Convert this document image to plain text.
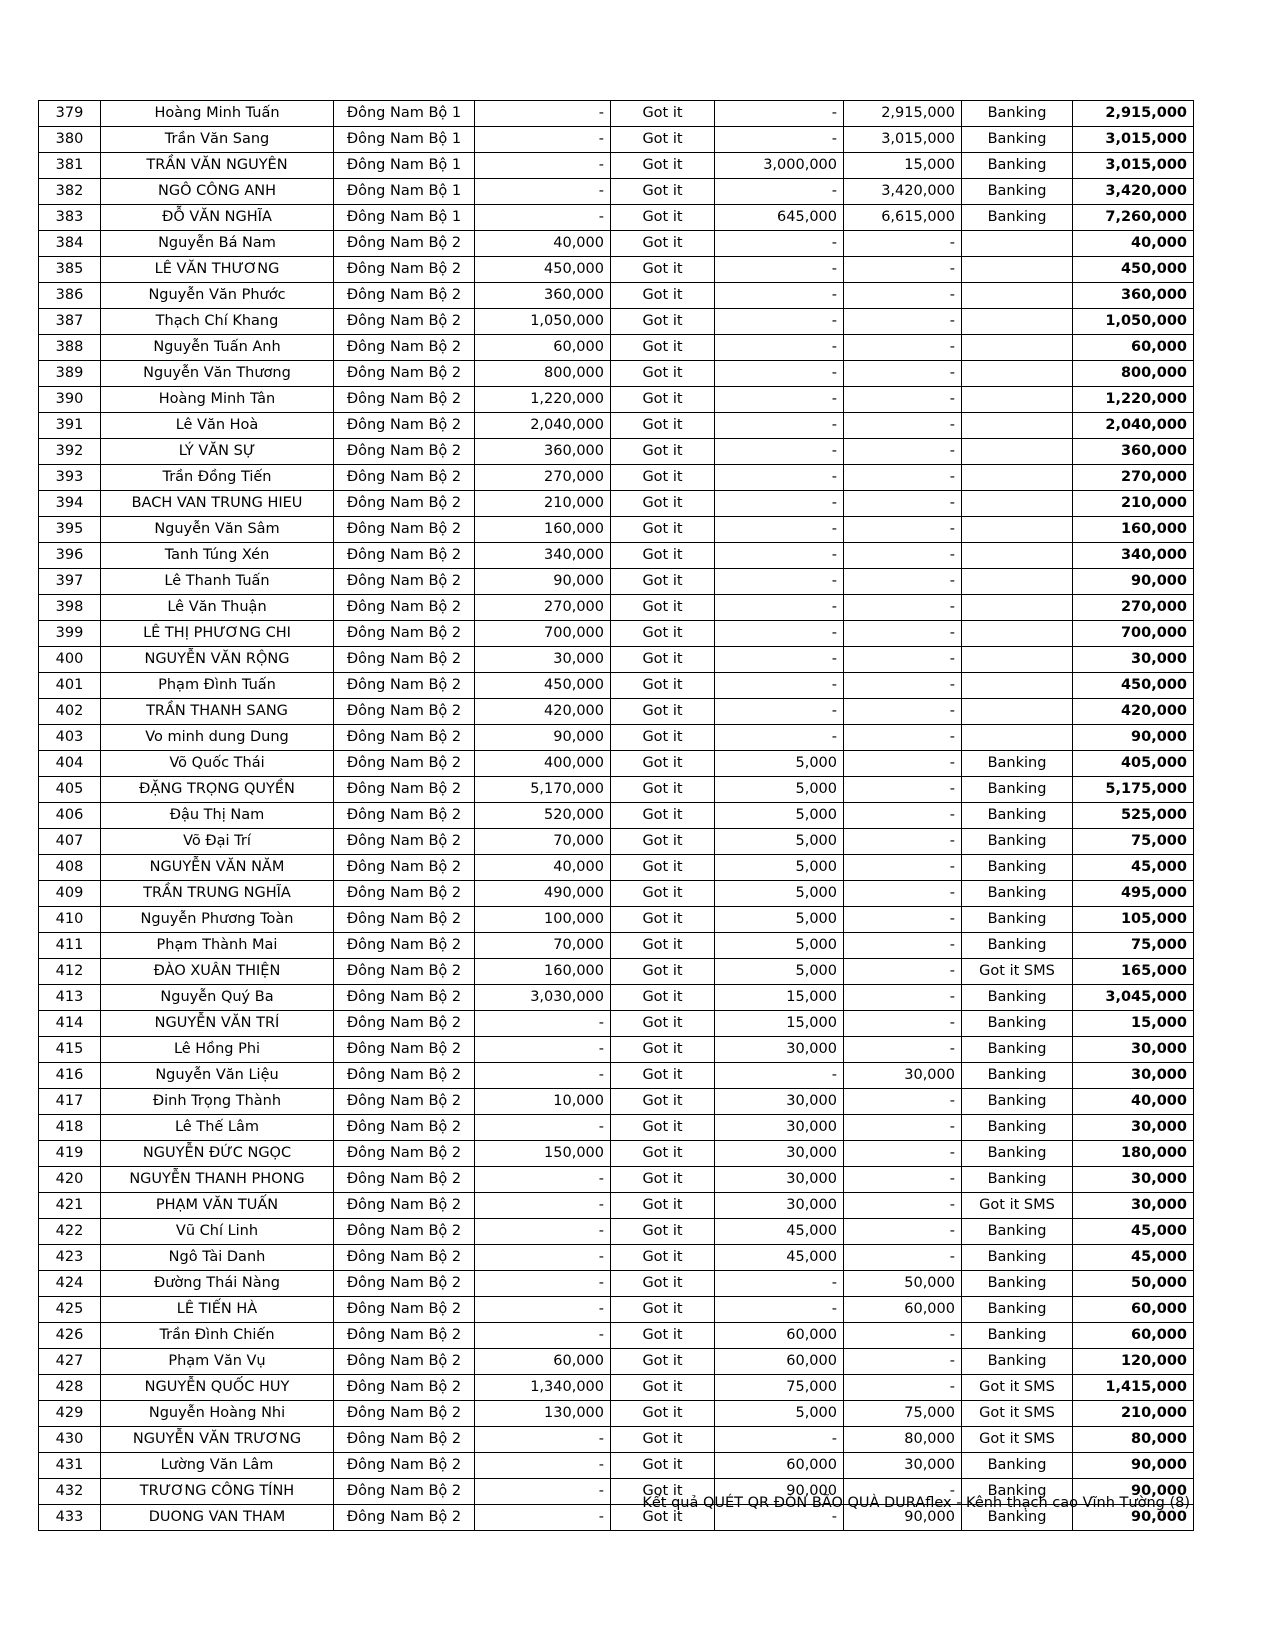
379	Hoàng Minh Tuấn	Đông Nam Bộ 1	-	Got it	-	2,915,000	Banking	2,915,000
380	Trần Văn Sang	Đông Nam Bộ 1	-	Got it	-	3,015,000	Banking	3,015,000
381	TRẦN VĂN NGUYÊN	Đông Nam Bộ 1	-	Got it	3,000,000	15,000	Banking	3,015,000
382	NGÔ CÔNG ANH	Đông Nam Bộ 1	-	Got it	-	3,420,000	Banking	3,420,000
383	ĐỖ VĂN NGHĨA	Đông Nam Bộ 1	-	Got it	645,000	6,615,000	Banking	7,260,000
384	Nguyễn Bá Nam	Đông Nam Bộ 2	40,000	Got it	-	-		40,000
385	LÊ VĂN THƯƠNG	Đông Nam Bộ 2	450,000	Got it	-	-		450,000
386	Nguyễn Văn Phước	Đông Nam Bộ 2	360,000	Got it	-	-		360,000
387	Thạch Chí Khang	Đông Nam Bộ 2	1,050,000	Got it	-	-		1,050,000
388	Nguyễn Tuấn Anh	Đông Nam Bộ 2	60,000	Got it	-	-		60,000
389	Nguyễn Văn Thương	Đông Nam Bộ 2	800,000	Got it	-	-		800,000
390	Hoàng Minh Tân	Đông Nam Bộ 2	1,220,000	Got it	-	-		1,220,000
391	Lê Văn Hoà	Đông Nam Bộ 2	2,040,000	Got it	-	-		2,040,000
392	LÝ VĂN SỰ	Đông Nam Bộ 2	360,000	Got it	-	-		360,000
393	Trần Đồng Tiến	Đông Nam Bộ 2	270,000	Got it	-	-		270,000
394	BACH VAN TRUNG HIEU	Đông Nam Bộ 2	210,000	Got it	-	-		210,000
395	Nguyễn Văn Sâm	Đông Nam Bộ 2	160,000	Got it	-	-		160,000
396	Tanh Túng Xén	Đông Nam Bộ 2	340,000	Got it	-	-		340,000
397	Lê Thanh Tuấn	Đông Nam Bộ 2	90,000	Got it	-	-		90,000
398	Lê Văn Thuận	Đông Nam Bộ 2	270,000	Got it	-	-		270,000
399	LÊ THỊ PHƯƠNG CHI	Đông Nam Bộ 2	700,000	Got it	-	-		700,000
400	NGUYỄN VĂN RỘNG	Đông Nam Bộ 2	30,000	Got it	-	-		30,000
401	Phạm Đình Tuấn	Đông Nam Bộ 2	450,000	Got it	-	-		450,000
402	TRẦN THANH SANG	Đông Nam Bộ 2	420,000	Got it	-	-		420,000
403	Vo minh dung Dung	Đông Nam Bộ 2	90,000	Got it	-	-		90,000
404	Võ Quốc Thái	Đông Nam Bộ 2	400,000	Got it	5,000	-	Banking	405,000
405	ĐẶNG TRỌNG QUYỀN	Đông Nam Bộ 2	5,170,000	Got it	5,000	-	Banking	5,175,000
406	Đậu Thị Nam	Đông Nam Bộ 2	520,000	Got it	5,000	-	Banking	525,000
407	Võ Đại Trí	Đông Nam Bộ 2	70,000	Got it	5,000	-	Banking	75,000
408	NGUYỄN VĂN NĂM	Đông Nam Bộ 2	40,000	Got it	5,000	-	Banking	45,000
409	TRẦN TRUNG NGHĨA	Đông Nam Bộ 2	490,000	Got it	5,000	-	Banking	495,000
410	Nguyễn Phương Toàn	Đông Nam Bộ 2	100,000	Got it	5,000	-	Banking	105,000
411	Phạm Thành Mai	Đông Nam Bộ 2	70,000	Got it	5,000	-	Banking	75,000
412	ĐÀO XUÂN THIỆN	Đông Nam Bộ 2	160,000	Got it	5,000	-	Got it SMS	165,000
413	Nguyễn Quý Ba	Đông Nam Bộ 2	3,030,000	Got it	15,000	-	Banking	3,045,000
414	NGUYỄN VĂN TRÍ	Đông Nam Bộ 2	-	Got it	15,000	-	Banking	15,000
415	Lê Hồng Phi	Đông Nam Bộ 2	-	Got it	30,000	-	Banking	30,000
416	Nguyễn Văn Liệu	Đông Nam Bộ 2	-	Got it	-	30,000	Banking	30,000
417	Đinh Trọng Thành	Đông Nam Bộ 2	10,000	Got it	30,000	-	Banking	40,000
418	Lê Thế Lâm	Đông Nam Bộ 2	-	Got it	30,000	-	Banking	30,000
419	NGUYỄN ĐỨC NGỌC	Đông Nam Bộ 2	150,000	Got it	30,000	-	Banking	180,000
420	NGUYỄN THANH PHONG	Đông Nam Bộ 2	-	Got it	30,000	-	Banking	30,000
421	PHẠM VĂN TUẤN	Đông Nam Bộ 2	-	Got it	30,000	-	Got it SMS	30,000
422	Vũ Chí Linh	Đông Nam Bộ 2	-	Got it	45,000	-	Banking	45,000
423	Ngô Tài Danh	Đông Nam Bộ 2	-	Got it	45,000	-	Banking	45,000
424	Đường Thái Nàng	Đông Nam Bộ 2	-	Got it	-	50,000	Banking	50,000
425	LÊ TIẾN HÀ	Đông Nam Bộ 2	-	Got it	-	60,000	Banking	60,000
426	Trần Đình Chiến	Đông Nam Bộ 2	-	Got it	60,000	-	Banking	60,000
427	Phạm Văn Vụ	Đông Nam Bộ 2	60,000	Got it	60,000	-	Banking	120,000
428	NGUYỄN QUỐC HUY	Đông Nam Bộ 2	1,340,000	Got it	75,000	-	Got it SMS	1,415,000
429	Nguyễn Hoàng Nhi	Đông Nam Bộ 2	130,000	Got it	5,000	75,000	Got it SMS	210,000
430	NGUYỄN VĂN TRƯƠNG	Đông Nam Bộ 2	-	Got it	-	80,000	Got it SMS	80,000
431	Lường Văn Lâm	Đông Nam Bộ 2	-	Got it	60,000	30,000	Banking	90,000
432	TRƯƠNG CÔNG TÍNH	Đông Nam Bộ 2	-	Got it	90,000	-	Banking	90,000
433	DUONG VAN THAM	Đông Nam Bộ 2	-	Got it	-	90,000	Banking	90,000
Kết quả QUÉT QR ĐÓN BÃO QUÀ DURAflex - Kênh thạch cao Vĩnh Tường (8)
